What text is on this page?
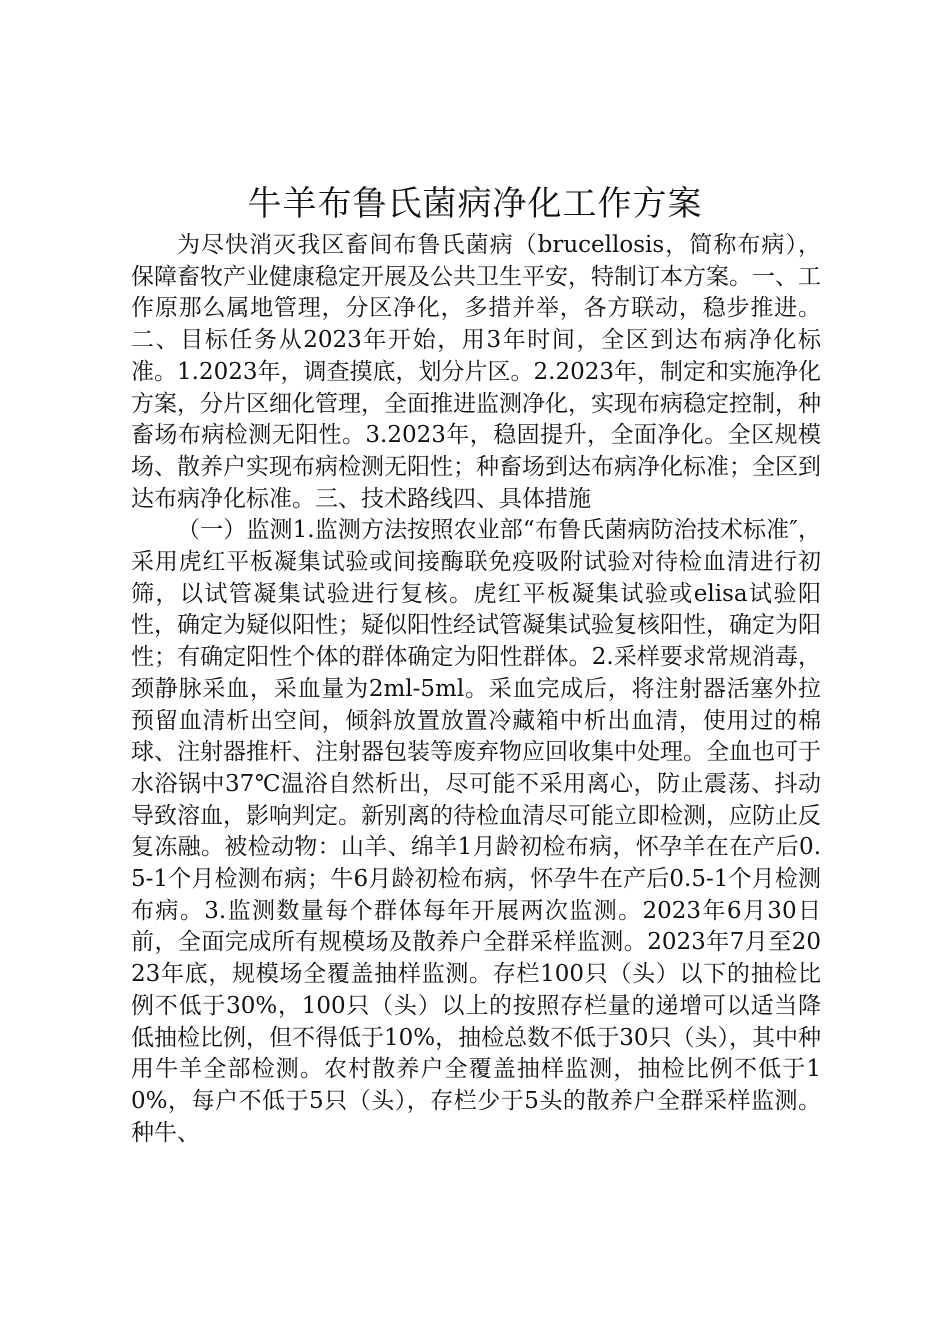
牛羊布鲁氏菌病净化工作方案

为尽快消灭我区畜间布鲁氏菌病（brucellosis，简称布病），保障畜牧产业健康稳定开展及公共卫生平安，特制订本方案。一、工作原那么属地管理，分区净化，多措并举，各方联动，稳步推进。二、目标任务从2023年开始，用3年时间，全区到达布病净化标准。1.2023年，调查摸底，划分片区。2.2023年，制定和实施净化方案，分片区细化管理，全面推进监测净化，实现布病稳定控制，种畜场布病检测无阳性。3.2023年，稳固提升，全面净化。全区规模场、散养户实现布病检测无阳性；种畜场到达布病净化标准；全区到达布病净化标准。三、技术路线四、具体措施

（一）监测1.监测方法按照农业部“布鲁氏菌病防治技术标准″，采用虎红平板凝集试验或间接酶联免疫吸附试验对待检血清进行初筛，以试管凝集试验进行复核。虎红平板凝集试验或elisa试验阳性，确定为疑似阳性；疑似阳性经试管凝集试验复核阳性，确定为阳性；有确定阳性个体的群体确定为阳性群体。2.采样要求常规消毒，颈静脉采血，采血量为2ml-5ml。采血完成后，将注射器活塞外拉预留血清析出空间，倾斜放置放置冷藏箱中析出血清，使用过的棉球、注射器推杆、注射器包装等废弃物应回收集中处理。全血也可于水浴锅中37℃温浴自然析出，尽可能不采用离心，防止震荡、抖动导致溶血，影响判定。新别离的待检血清尽可能立即检测，应防止反复冻融。被检动物：山羊、绵羊1月龄初检布病，怀孕羊在在产后0.5-1个月检测布病；牛6月龄初检布病，怀孕牛在产后0.5-1个月检测布病。3.监测数量每个群体每年开展两次监测。2023年6月30日前，全面完成所有规模场及散养户全群采样监测。2023年7月至2023年底，规模场全覆盖抽样监测。存栏100只（头）以下的抽检比例不低于30%，100只（头）以上的按照存栏量的递增可以适当降低抽检比例，但不得低于10%，抽检总数不低于30只（头），其中种用牛羊全部检测。农村散养户全覆盖抽样监测，抽检比例不低于10%，每户不低于5只（头），存栏少于5头的散养户全群采样监测。种牛、
